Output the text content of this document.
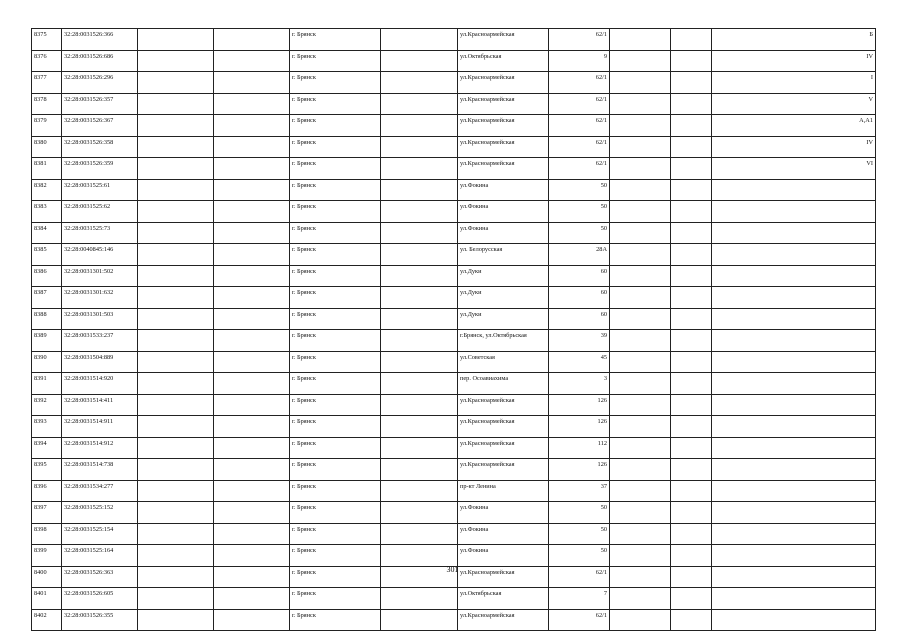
8375	32:28:0031526:366			г. Брянск		ул.Красноармейская	62/1			Б
8376	32:28:0031526:686			г. Брянск		ул.Октябрьская	9			IV
8377	32:28:0031526:296			г. Брянск		ул.Красноармейская	62/1			I
8378	32:28:0031526:357			г. Брянск		ул.Красноармейская	62/1			V
8379	32:28:0031526:367			г. Брянск		ул.Красноармейская	62/1			А,А1
8380	32:28:0031526:358			г. Брянск		ул.Красноармейская	62/1			IV
8381	32:28:0031526:359			г. Брянск		ул.Красноармейская	62/1			VI
8382	32:28:0031525:61			г. Брянск		ул.Фокина	50			
8383	32:28:0031525:62			г. Брянск		ул.Фокина	50			
8384	32:28:0031525:73			г. Брянск		ул.Фокина	50			
8385	32:28:0040845:146			г. Брянск		ул. Белорусская	28А			
8386	32:28:0031301:502			г. Брянск		ул.Дуки	60			
8387	32:28:0031301:632			г. Брянск		ул.Дуки	60			
8388	32:28:0031301:503			г. Брянск		ул.Дуки	60			
8389	32:28:0031533:237			г. Брянск		г.Брянск, ул.Октябрьская	39			
8390	32:28:0031504:889			г. Брянск		ул.Советская	45			
8391	32:28:0031514:920			г. Брянск		пер. Осоавиахима	3			
8392	32:28:0031514:411			г. Брянск		ул.Красноармейская	126			
8393	32:28:0031514:911			г. Брянск		ул.Красноармейская	126			
8394	32:28:0031514:912			г. Брянск		ул.Красноармейская	112			
8395	32:28:0031514:738			г. Брянск		ул.Красноармейская	126			
8396	32:28:0031534:277			г. Брянск		пр-кт Ленина	37			
8397	32:28:0031525:152			г. Брянск		ул.Фокина	50			
8398	32:28:0031525:154			г. Брянск		ул.Фокина	50			
8399	32:28:0031525:164			г. Брянск		ул.Фокина	50			
8400	32:28:0031526:363			г. Брянск		ул.Красноармейская	62/1			
8401	32:28:0031526:605			г. Брянск		ул.Октябрьская	7			
8402	32:28:0031526:355			г. Брянск		ул.Красноармейская	62/1			
301
